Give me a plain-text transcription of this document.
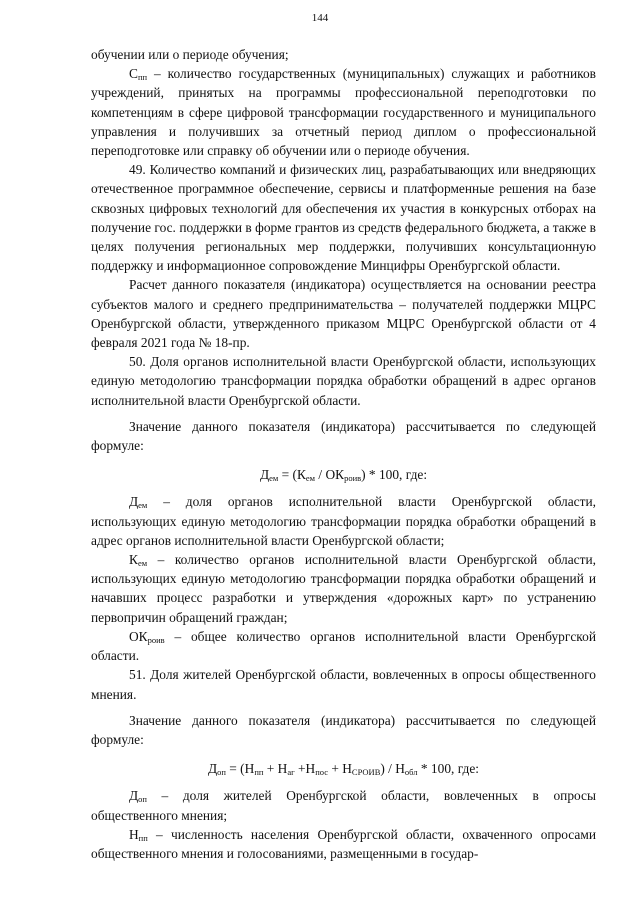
144

обучении или о периоде обучения;

$С_{пп}$ – количество государственных (муниципальных) служащих и работников учреждений, принятых на программы профессиональной переподготовки по компетенциям в сфере цифровой трансформации государственного и муниципального управления и получивших за отчетный период диплом о профессиональной переподготовке или справку об обучении или о периоде обучения.

49. Количество компаний и физических лиц, разрабатывающих или внедряющих отечественное программное обеспечение, сервисы и платформенные решения на базе сквозных цифровых технологий для обеспечения их участия в конкурсных отборах на получение гос. поддержки в форме грантов из средств федерального бюджета, а также в целях получения региональных мер поддержки, получивших консультационную поддержку и информационное сопровождение Минцифры Оренбургской области.

Расчет данного показателя (индикатора) осуществляется на основании реестра субъектов малого и среднего предпринимательства – получателей поддержки МЦРС Оренбургской области, утвержденного приказом МЦРС Оренбургской области от 4 февраля 2021 года № 18-пр.

50. Доля органов исполнительной власти Оренбургской области, использующих единую методологию трансформации порядка обработки обращений в адрес органов исполнительной власти Оренбургской области.

Значение данного показателя (индикатора) рассчитывается по следующей формуле:

$Д_{ем} = (К_{ем} / ОК_{роив}) * 100$, где:

$Д_{ем}$ – доля органов исполнительной власти Оренбургской области, использующих единую методологию трансформации порядка обработки обращений в адрес органов исполнительной власти Оренбургской области;

$К_{ем}$ – количество органов исполнительной власти Оренбургской области, использующих единую методологию трансформации порядка обработки обращений и начавших процесс разработки и утверждения «дорожных карт» по устранению первопричин обращений граждан;

$ОК_{роив}$ – общее количество органов исполнительной власти Оренбургской области.

51. Доля жителей Оренбургской области, вовлеченных в опросы общественного мнения.

Значение данного показателя (индикатора) рассчитывается по следующей формуле:

$Д_{оп} = (Н_{пп} + Н_{аг} +Н_{пос} + Н_{СРОИВ}) / Н_{обл} * 100$, где:

$Д_{оп}$ – доля жителей Оренбургской области, вовлеченных в опросы общественного мнения;

$Н_{пп}$ – численность населения Оренбургской области, охваченного опросами общественного мнения и голосованиями, размещенными в государ-
